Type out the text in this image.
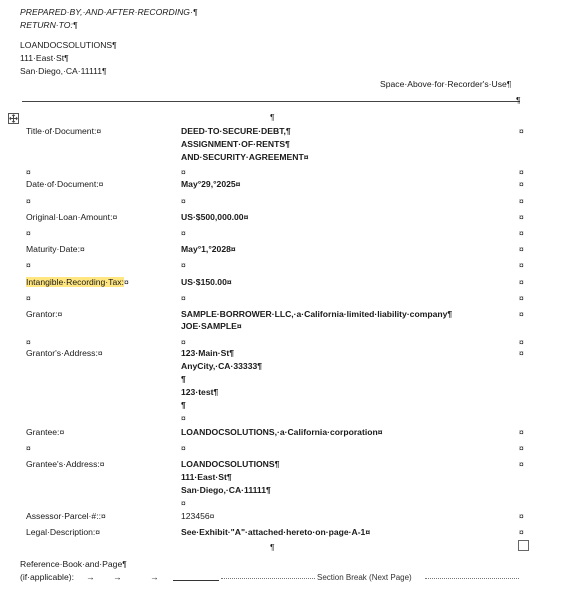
PREPARED·BY,·AND·AFTER·RECORDING·¶
RETURN·TO:¶
LOANDOCSOLUTIONS¶
111·East·St¶
San·Diego,·CA·11111¶
Space·Above·for·Recorder's·Use¶
¶
¶
Title·of·Document:¤	DEED·TO·SECURE·DEBT,¶	¤
ASSIGNMENT·OF·RENTS¶
AND·SECURITY·AGREEMENT¤
¤	¤	¤
Date·of·Document:¤	May°29,°2025¤	¤
¤	¤	¤
Original·Loan·Amount:¤	US·$500,000.00¤	¤
¤	¤	¤
Maturity·Date:¤	May°1,°2028¤	¤
¤	¤	¤
Intangible·Recording·Tax:¤	US·$150.00¤	¤
¤	¤	¤
Grantor:¤	SAMPLE·BORROWER·LLC,·a·California·limited·liability·company¶	¤
JOE·SAMPLE¤
¤	¤	¤
Grantor's·Address:¤	123·Main·St¶	¤
AnyCity,·CA·33333¶
¶
123·test¶
¶
¤
Grantee:¤	LOANDOCSOLUTIONS,·a·California·corporation¤	¤
¤	¤	¤
Grantee's·Address:¤	LOANDOCSOLUTIONS¶	¤
111·East·St¶
San·Diego,·CA·11111¶
¤
Assessor·Parcel·#::¤	123456¤	¤
Legal·Description:¤	See·Exhibit·"A"·attached·hereto·on·page·A-1¤	¤
¶
Reference·Book·and·Page¶
(if·applicable): → →	→	Section Break (Next Page)
